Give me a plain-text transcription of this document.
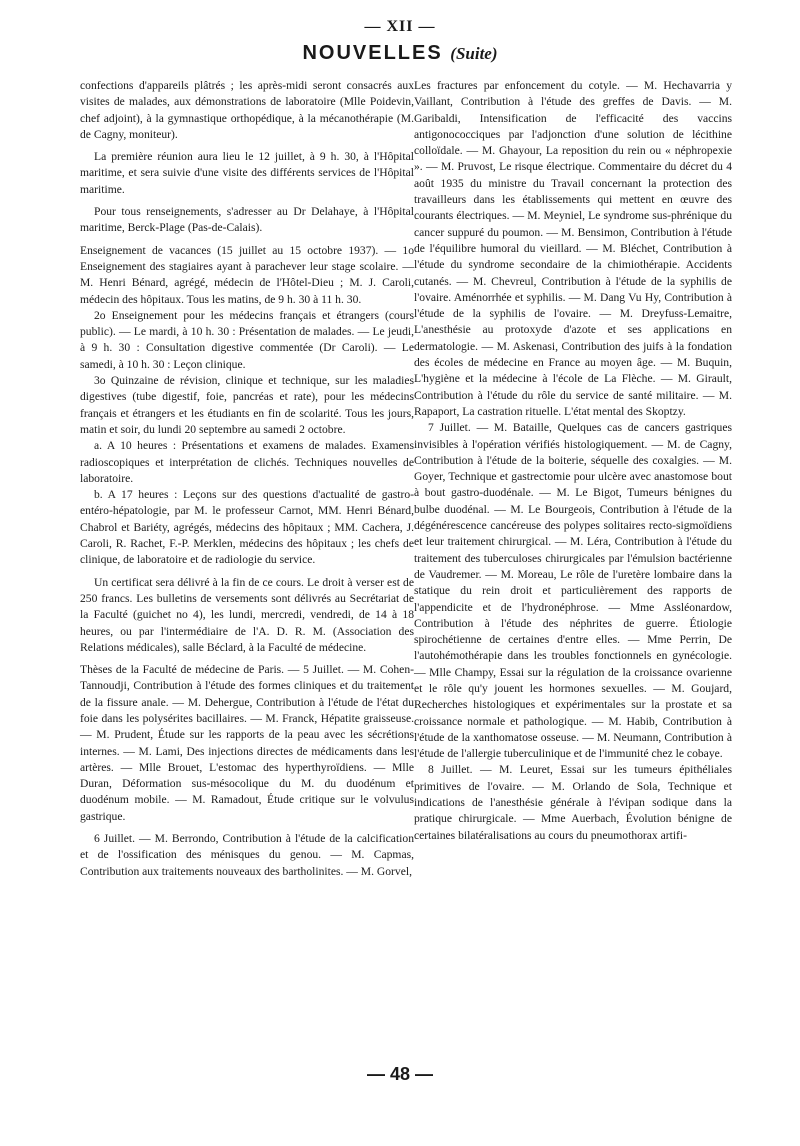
— XII —
NOUVELLES (Suite)

confections d'appareils plâtrés ; les après-midi seront consacrés aux visites de malades, aux démonstrations de laboratoire (Mlle Poidevin, chef adjoint), à la gymnastique orthopédique, à la mécanothérapie (M. de Cagny, moniteur).

La première réunion aura lieu le 12 juillet, à 9 h. 30, à l'Hôpital maritime, et sera suivie d'une visite des différents services de l'Hôpital maritime.

Pour tous renseignements, s'adresser au Dr Delahaye, à l'Hôpital maritime, Berck-Plage (Pas-de-Calais).

Enseignement de vacances (15 juillet au 15 octobre 1937). — 1o Enseignement des stagiaires ayant à parachever leur stage scolaire. — M. Henri Bénard, agrégé, médecin de l'Hôtel-Dieu ; M. J. Caroli, médecin des hôpitaux. Tous les matins, de 9 h. 30 à 11 h. 30.

2o Enseignement pour les médecins français et étrangers (cours public). — Le mardi, à 10 h. 30 : Présentation de malades. — Le jeudi, à 9 h. 30 : Consultation digestive commentée (Dr Caroli). — Le samedi, à 10 h. 30 : Leçon clinique.

3o Quinzaine de révision, clinique et technique, sur les maladies digestives (tube digestif, foie, pancréas et rate), pour les médecins français et étrangers et les étudiants en fin de scolarité. Tous les jours, matin et soir, du lundi 20 septembre au samedi 2 octobre.

a. A 10 heures : Présentations et examens de malades. Examens radioscopiques et interprétation de clichés. Techniques nouvelles de laboratoire.

b. A 17 heures : Leçons sur des questions d'actualité de gastro-entéro-hépatologie, par M. le professeur Carnot, MM. Henri Bénard, Chabrol et Bariéty, agrégés, médecins des hôpitaux ; MM. Cachera, J. Caroli, R. Rachet, F.-P. Merklen, médecins des hôpitaux ; les chefs de clinique, de laboratoire et de radiologie du service.

Un certificat sera délivré à la fin de ce cours. Le droit à verser est de 250 francs. Les bulletins de versements sont délivrés au Secrétariat de la Faculté (guichet no 4), les lundi, mercredi, vendredi, de 14 à 18 heures, ou par l'intermédiaire de l'A. D. R. M. (Association des Relations médicales), salle Béclard, à la Faculté de médecine.

Thèses de la Faculté de médecine de Paris. — 5 Juillet. — M. Cohen-Tannoudji, Contribution à l'étude des formes cliniques et du traitement de la fissure anale. — M. Dehergue, Contribution à l'étude de l'état du foie dans les polysérites bacillaires. — M. Franck, Hépatite graisseuse. — M. Prudent, Étude sur les rapports de la peau avec les sécrétions internes. — M. Lami, Des injections directes de médicaments dans les artères. — Mlle Brouet, L'estomac des hyperthyroïdiens. — Mlle Duran, Déformation sus-mésocolique du M. du duodénum et duodénum mobile. — M. Ramadout, Étude critique sur le volvulus gastrique.

6 Juillet. — M. Berrondo, Contribution à l'étude de la calcification et de l'ossification des ménisques du genou. — M. Capmas, Contribution aux traitements nouveaux des bartholinites. — M. Gorvel,

Les fractures par enfoncement du cotyle. — M. Hechavarria y Vaillant, Contribution à l'étude des greffes de Davis. — M. Garibaldi, Intensification de l'efficacité des vaccins antigonococciques par l'adjonction d'une solution de lécithine colloïdale. — M. Ghayour, La reposition du rein ou « néphropexie ». — M. Pruvost, Le risque électrique. Commentaire du décret du 4 août 1935 du ministre du Travail concernant la protection des travailleurs dans les établissements qui mettent en œuvre des courants électriques. — M. Meyniel, Le syndrome sus-phrénique du cancer suppuré du poumon. — M. Bensimon, Contribution à l'étude de l'équilibre humoral du vieillard. — M. Bléchet, Contribution à l'étude du syndrome secondaire de la chimiothérapie. Accidents cutanés. — M. Chevreul, Contribution à l'étude de la syphilis de l'ovaire. Aménorrhée et syphilis. — M. Dang Vu Hy, Contribution à l'étude de la syphilis de l'ovaire. — M. Dreyfuss-Lemaitre, L'anesthésie au protoxyde d'azote et ses applications en dermatologie. — M. Askenasi, Contribution des juifs à la fondation des écoles de médecine en France au moyen âge. — M. Buquin, L'hygiène et la médecine à l'école de La Flèche. — M. Girault, Contribution à l'étude du rôle du service de santé militaire. — M. Rapaport, La castration rituelle. L'état mental des Skoptzy.

7 Juillet. — M. Bataille, Quelques cas de cancers gastriques invisibles à l'opération vérifiés histologiquement. — M. de Cagny, Contribution à l'étude de la boiterie, séquelle des coxalgies. — M. Goyer, Technique et gastrectomie pour ulcère avec anastomose bout à bout gastro-duodénale. — M. Le Bigot, Tumeurs bénignes du bulbe duodénal. — M. Le Bourgeois, Contribution à l'étude de la dégénérescence cancéreuse des polypes solitaires recto-sigmoïdiens et leur traitement chirurgical. — M. Léra, Contribution à l'étude du traitement des tuberculoses chirurgicales par l'émulsion bactérienne de Vaudremer. — M. Moreau, Le rôle de l'uretère lombaire dans la statique du rein droit et particulièrement des rapports de l'appendicite et de l'hydronéphrose. — Mme Assléonardow, Contribution à l'étude des néphrites de guerre. Étiologie spirochétienne de certaines d'entre elles. — Mme Perrin, De l'autohémothérapie dans les troubles fonctionnels en gynécologie. — Mlle Champy, Essai sur la régulation de la croissance ovarienne et le rôle qu'y jouent les hormones sexuelles. — M. Goujard, Recherches histologiques et expérimentales sur la prostate et sa croissance normale et pathologique. — M. Habib, Contribution à l'étude de la xanthomatose osseuse. — M. Neumann, Contribution à l'étude de l'allergie tuberculinique et de l'immunité chez le cobaye.

8 Juillet. — M. Leuret, Essai sur les tumeurs épithéliales primitives de l'ovaire. — M. Orlando de Sola, Technique et indications de l'anesthésie générale à l'évipan sodique dans la pratique chirurgicale. — Mme Auerbach, Évolution bénigne de certaines bilatéralisations au cours du pneumothorax artifi-

— 48 —
